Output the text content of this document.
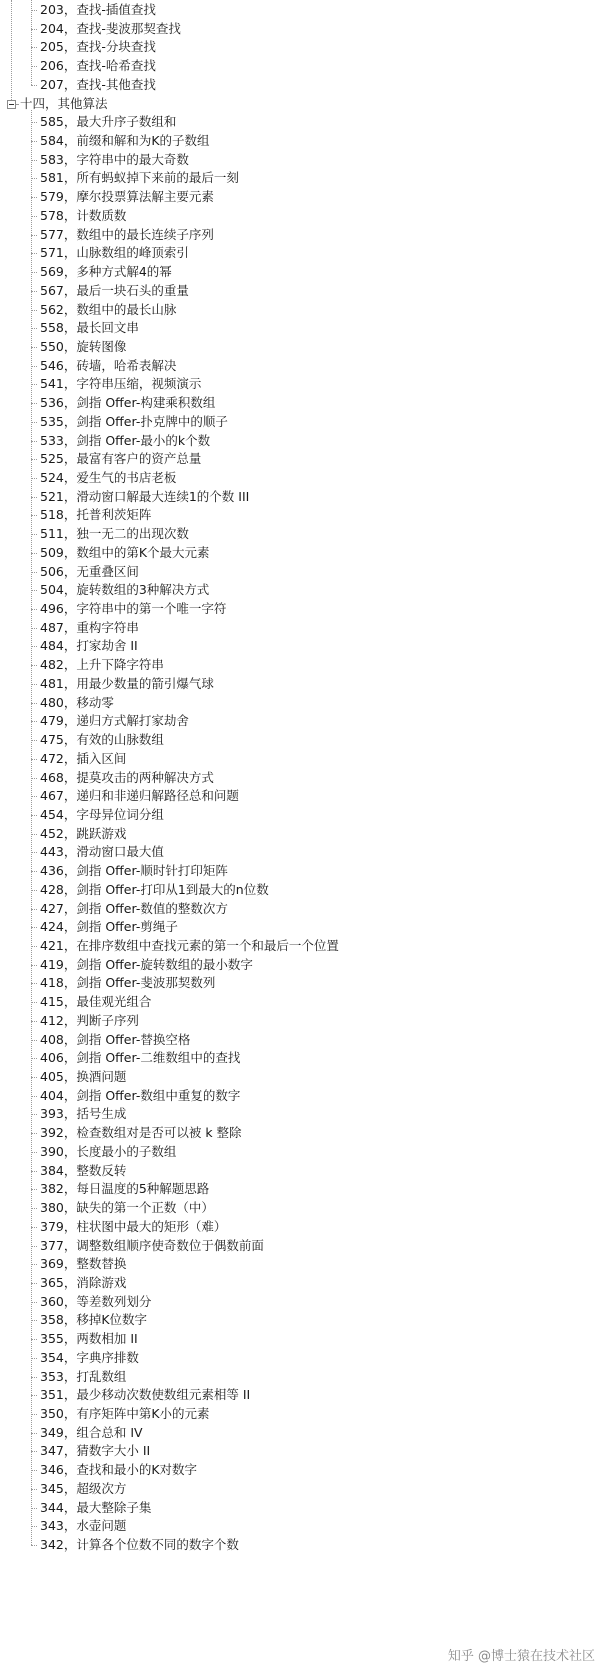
203，查找-插值查找
204，查找-斐波那契查找
205，查找-分块查找
206，查找-哈希查找
207，查找-其他查找
十四，其他算法
585，最大升序子数组和
584，前缀和解和为K的子数组
583，字符串中的最大奇数
581，所有蚂蚁掉下来前的最后一刻
579，摩尔投票算法解主要元素
578，计数质数
577，数组中的最长连续子序列
571，山脉数组的峰顶索引
569，多种方式解4的幂
567，最后一块石头的重量
562，数组中的最长山脉
558，最长回文串
550，旋转图像
546，砖墙，哈希表解决
541，字符串压缩，视频演示
536，剑指 Offer-构建乘积数组
535，剑指 Offer-扑克牌中的顺子
533，剑指 Offer-最小的k个数
525，最富有客户的资产总量
524，爱生气的书店老板
521，滑动窗口解最大连续1的个数 III
518，托普利茨矩阵
511，独一无二的出现次数
509，数组中的第K个最大元素
506，无重叠区间
504，旋转数组的3种解决方式
496，字符串中的第一个唯一字符
487，重构字符串
484，打家劫舍 II
482，上升下降字符串
481，用最少数量的箭引爆气球
480，移动零
479，递归方式解打家劫舍
475，有效的山脉数组
472，插入区间
468，提莫攻击的两种解决方式
467，递归和非递归解路径总和问题
454，字母异位词分组
452，跳跃游戏
443，滑动窗口最大值
436，剑指 Offer-顺时针打印矩阵
428，剑指 Offer-打印从1到最大的n位数
427，剑指 Offer-数值的整数次方
424，剑指 Offer-剪绳子
421，在排序数组中查找元素的第一个和最后一个位置
419，剑指 Offer-旋转数组的最小数字
418，剑指 Offer-斐波那契数列
415，最佳观光组合
412，判断子序列
408，剑指 Offer-替换空格
406，剑指 Offer-二维数组中的查找
405，换酒问题
404，剑指 Offer-数组中重复的数字
393，括号生成
392，检查数组对是否可以被 k 整除
390，长度最小的子数组
384，整数反转
382，每日温度的5种解题思路
380，缺失的第一个正数（中）
379，柱状图中最大的矩形（难）
377，调整数组顺序使奇数位于偶数前面
369，整数替换
365，消除游戏
360，等差数列划分
358，移掉K位数字
355，两数相加 II
354，字典序排数
353，打乱数组
351，最少移动次数使数组元素相等 II
350，有序矩阵中第K小的元素
349，组合总和 IV
347，猜数字大小 II
346，查找和最小的K对数字
345，超级次方
344，最大整除子集
343，水壶问题
342，计算各个位数不同的数字个数
知乎 @博士猿在技术社区
